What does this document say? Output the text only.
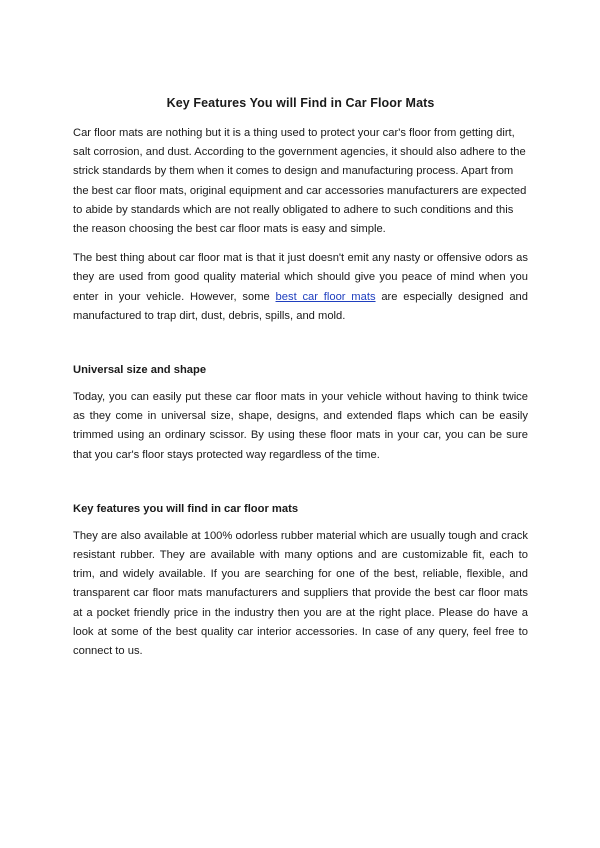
Key Features You will Find in Car Floor Mats

Car floor mats are nothing but it is a thing used to protect your car's floor from getting dirt, salt corrosion, and dust. According to the government agencies, it should also adhere to the strick standards by them when it comes to design and manufacturing process. Apart from the best car floor mats, original equipment and car accessories manufacturers are expected to abide by standards which are not really obligated to adhere to such conditions and this the reason choosing the best car floor mats is easy and simple.

The best thing about car floor mat is that it just doesn't emit any nasty or offensive odors as they are used from good quality material which should give you peace of mind when you enter in your vehicle. However, some best car floor mats are especially designed and manufactured to trap dirt, dust, debris, spills, and mold.

Universal size and shape

Today, you can easily put these car floor mats in your vehicle without having to think twice as they come in universal size, shape, designs, and extended flaps which can be easily trimmed using an ordinary scissor. By using these floor mats in your car, you can be sure that you car's floor stays protected way regardless of the time.

Key features you will find in car floor mats

They are also available at 100% odorless rubber material which are usually tough and crack resistant rubber. They are available with many options and are customizable fit, each to trim, and widely available. If you are searching for one of the best, reliable, flexible, and transparent car floor mats manufacturers and suppliers that provide the best car floor mats at a pocket friendly price in the industry then you are at the right place. Please do have a look at some of the best quality car interior accessories. In case of any query, feel free to connect to us.
